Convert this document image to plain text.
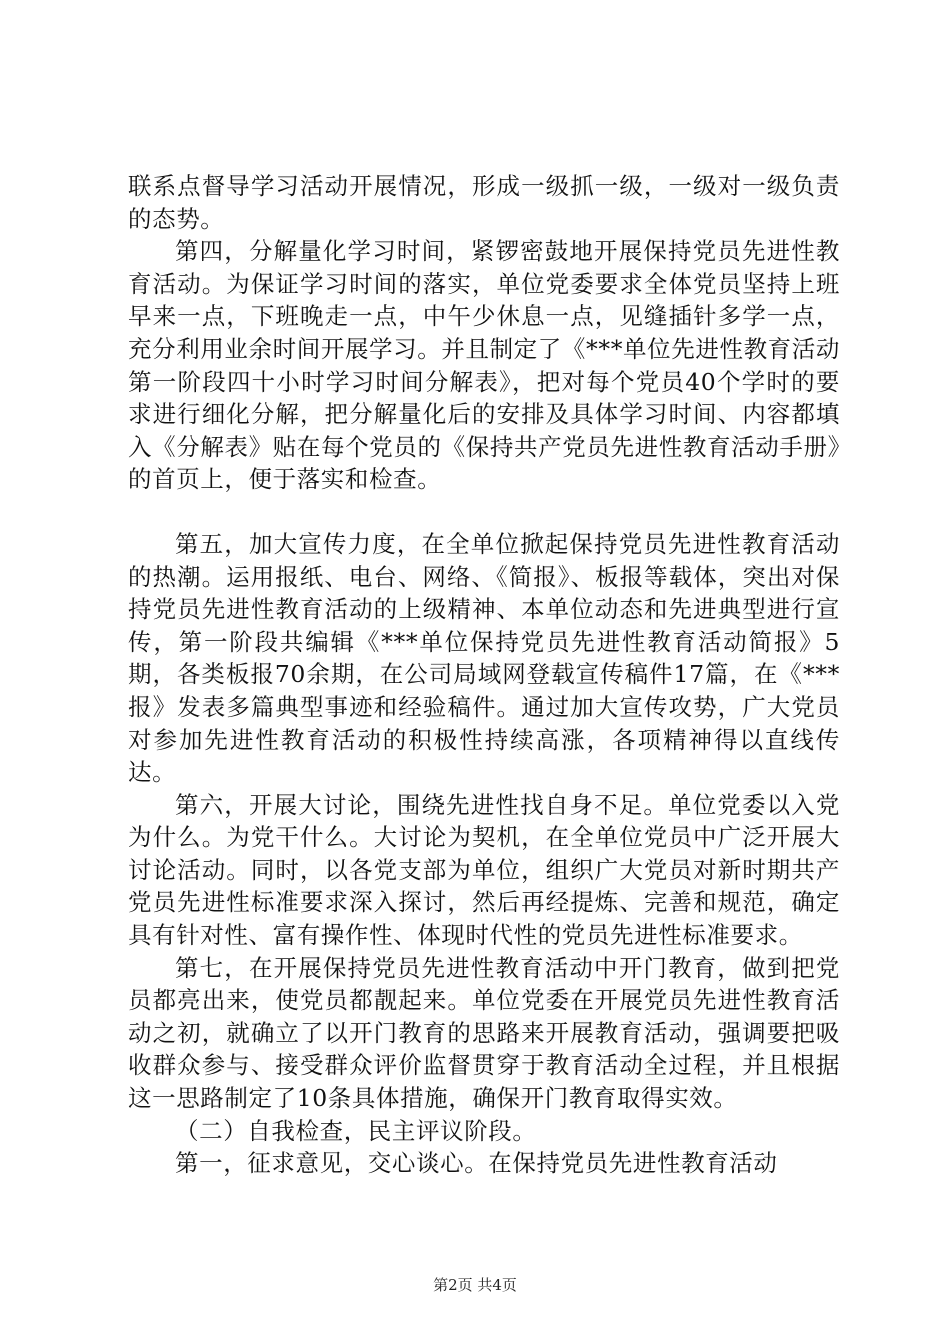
联系点督导学习活动开展情况，形成一级抓一级，一级对一级负责的态势。

第四，分解量化学习时间，紧锣密鼓地开展保持党员先进性教育活动。为保证学习时间的落实，单位党委要求全体党员坚持上班早来一点，下班晚走一点，中午少休息一点，见缝插针多学一点，充分利用业余时间开展学习。并且制定了《***单位先进性教育活动第一阶段四十小时学习时间分解表》，把对每个党员40个学时的要求进行细化分解，把分解量化后的安排及具体学习时间、内容都填入《分解表》贴在每个党员的《保持共产党员先进性教育活动手册》的首页上，便于落实和检查。

第五，加大宣传力度，在全单位掀起保持党员先进性教育活动的热潮。运用报纸、电台、网络、《简报》、板报等载体，突出对保持党员先进性教育活动的上级精神、本单位动态和先进典型进行宣传，第一阶段共编辑《***单位保持党员先进性教育活动简报》5期，各类板报70余期，在公司局域网登载宣传稿件17篇，在《***报》发表多篇典型事迹和经验稿件。通过加大宣传攻势，广大党员对参加先进性教育活动的积极性持续高涨，各项精神得以直线传达。

第六，开展大讨论，围绕先进性找自身不足。单位党委以入党为什么。为党干什么。大讨论为契机，在全单位党员中广泛开展大讨论活动。同时，以各党支部为单位，组织广大党员对新时期共产党员先进性标准要求深入探讨，然后再经提炼、完善和规范，确定具有针对性、富有操作性、体现时代性的党员先进性标准要求。

第七，在开展保持党员先进性教育活动中开门教育，做到把党员都亮出来，使党员都靓起来。单位党委在开展党员先进性教育活动之初，就确立了以开门教育的思路来开展教育活动，强调要把吸收群众参与、接受群众评价监督贯穿于教育活动全过程，并且根据这一思路制定了10条具体措施，确保开门教育取得实效。

（二）自我检查，民主评议阶段。

第一，征求意见，交心谈心。在保持党员先进性教育活动

第2页 共4页
